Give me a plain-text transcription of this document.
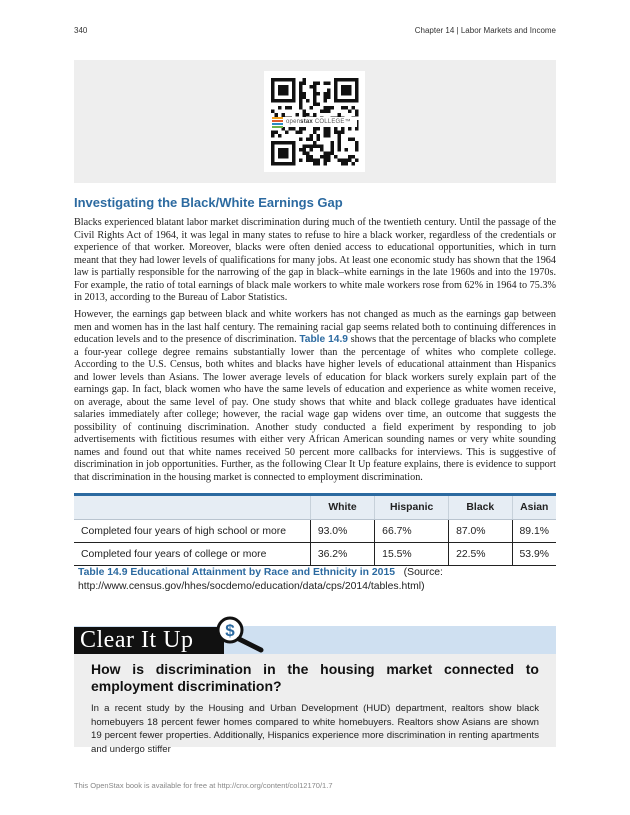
340	Chapter 14 | Labor Markets and Income
openstax COLLEGE™
Investigating the Black/White Earnings Gap

Blacks experienced blatant labor market discrimination during much of the twentieth century. Until the passage of the Civil Rights Act of 1964, it was legal in many states to refuse to hire a black worker, regardless of the credentials or experience of that worker. Moreover, blacks were often denied access to educational opportunities, which in turn meant that they had lower levels of qualifications for many jobs. At least one economic study has shown that the 1964 law is partially responsible for the narrowing of the gap in black–white earnings in the late 1960s and into the 1970s. For example, the ratio of total earnings of black male workers to white male workers rose from 62% in 1964 to 75.3% in 2013, according to the Bureau of Labor Statistics.

However, the earnings gap between black and white workers has not changed as much as the earnings gap between men and women has in the last half century. The remaining racial gap seems related both to continuing differences in education levels and to the presence of discrimination. Table 14.9 shows that the percentage of blacks who complete a four-year college degree remains substantially lower than the percentage of whites who complete college. According to the U.S. Census, both whites and blacks have higher levels of educational attainment than Hispanics and lower levels than Asians. The lower average levels of education for black workers surely explain part of the earnings gap. In fact, black women who have the same levels of education and experience as white women receive, on average, about the same level of pay. One study shows that white and black college graduates have identical salaries immediately after college; however, the racial wage gap widens over time, an outcome that suggests the possibility of continuing discrimination. Another study conducted a field experiment by responding to job advertisements with fictitious resumes with either very African American sounding names or very white sounding names and found out that white names received 50 percent more callbacks for interviews. This is suggestive of discrimination in job opportunities. Further, as the following Clear It Up feature explains, there is evidence to support that discrimination in the housing market is connected to employment discrimination.

	White	Hispanic	Black	Asian
Completed four years of high school or more	93.0%	66.7%	87.0%	89.1%
Completed four years of college or more	36.2%	15.5%	22.5%	53.9%
Table 14.9 Educational Attainment by Race and Ethnicity in 2015 (Source: http://www.census.gov/hhes/socdemo/education/data/cps/2014/tables.html)
Clear It Up $

How is discrimination in the housing market connected to employment discrimination?

In a recent study by the Housing and Urban Development (HUD) department, realtors show black homebuyers 18 percent fewer homes compared to white homebuyers. Realtors show Asians are shown 19 percent fewer properties. Additionally, Hispanics experience more discrimination in renting apartments and undergo stiffer

This OpenStax book is available for free at http://cnx.org/content/col12170/1.7
